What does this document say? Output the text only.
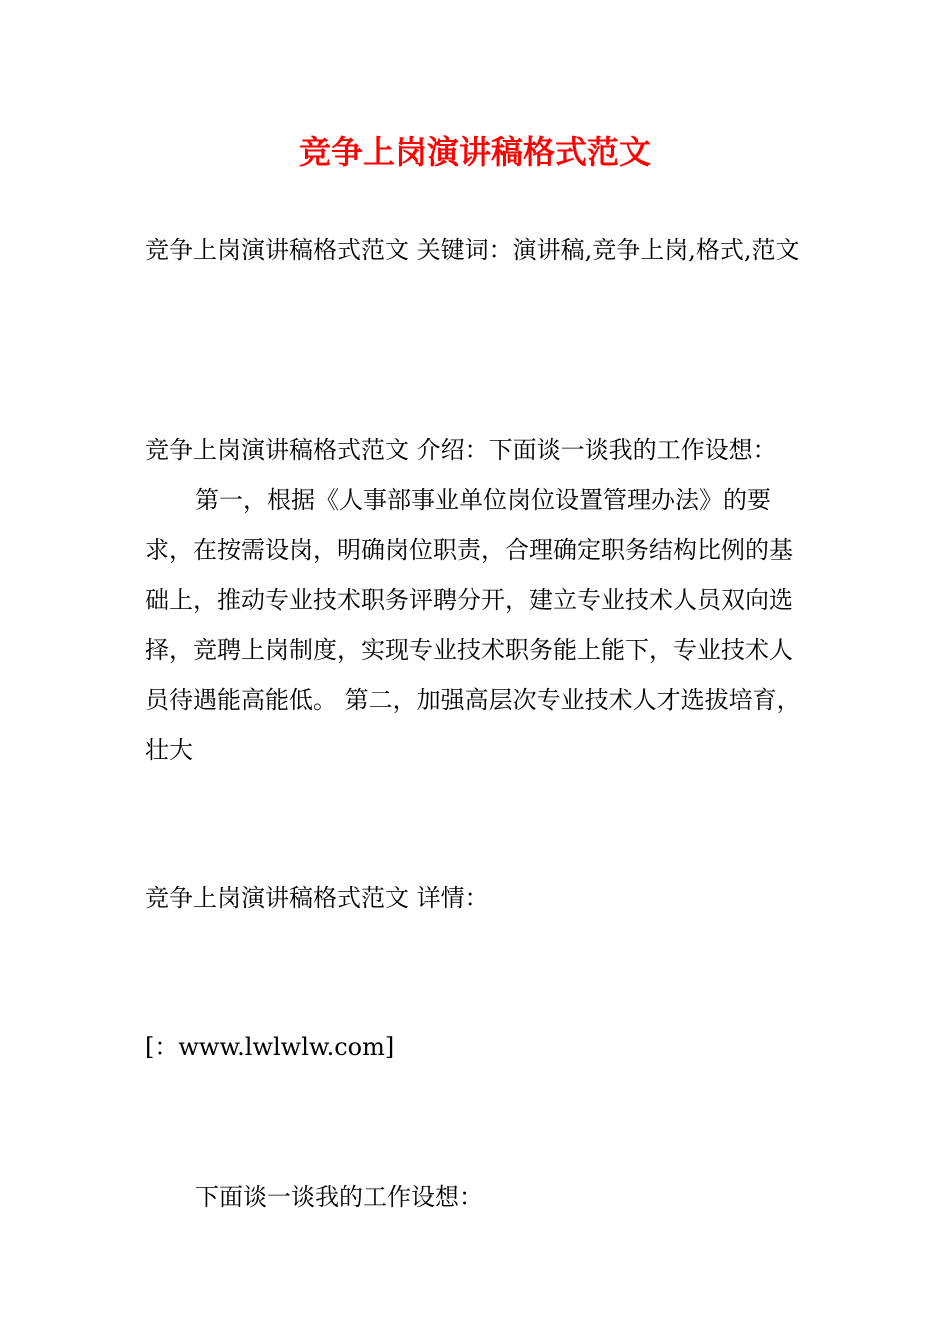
竞争上岗演讲稿格式范文

竞争上岗演讲稿格式范文 关键词：演讲稿,竞争上岗,格式,范文

竞争上岗演讲稿格式范文 介绍：下面谈一谈我的工作设想：
第一，根据《人事部事业单位岗位设置管理办法》的要求，在按需设岗，明确岗位职责，合理确定职务结构比例的基础上，推动专业技术职务评聘分开，建立专业技术人员双向选择，竞聘上岗制度，实现专业技术职务能上能下，专业技术人员待遇能高能低。 第二，加强高层次专业技术人才选拔培育，壮大

竞争上岗演讲稿格式范文 详情：

[：www.lwlwlw.com]

下面谈一谈我的工作设想：
